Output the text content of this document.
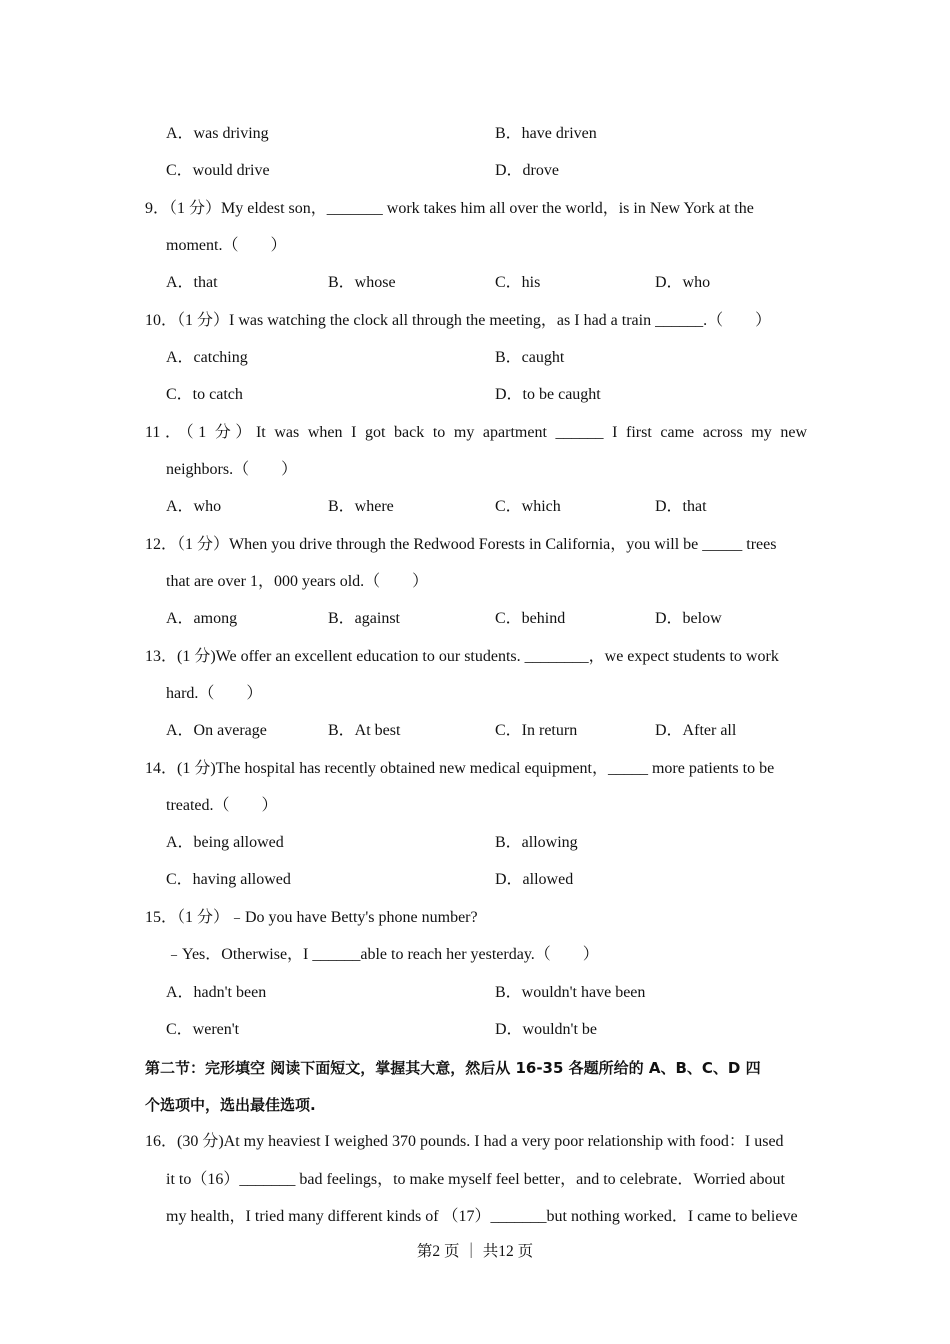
A．was driving	B．have driven
C．would drive	D．drove
9．（1 分）My eldest son，_______ work takes him all over the world，is in New York at the
moment.（　　）
A．that	B．whose	C．his	D．who
10．（1 分）I was watching the clock all through the meeting，as I had a train ______.（　　）
A．catching	B．caught
C．to catch	D．to be caught
11．（1 分）It was when I got back to my apartment ______ I first came across my new
neighbors.（　　）
A．who	B．where	C．which	D．that
12．（1 分）When you drive through the Redwood Forests in California，you will be _____ trees
that are over 1，000 years old.（　　）
A．among	B．against	C．behind	D．below
13．(1 分)We offer an excellent education to our students. ________，we expect students to work
hard.（　　）
A．On average	B．At best	C．In return	D．After all
14．(1 分)The hospital has recently obtained new medical equipment，_____ more patients to be
treated.（　　）
A．being allowed	B．allowing
C．having allowed	D．allowed
15．（1 分）﹣Do you have Betty's phone number?
﹣Yes．Otherwise，I ______able to reach her yesterday.（　　）
A．hadn't been	B．wouldn't have been
C．weren't	D．wouldn't be
第二节：完形填空 阅读下面短文，掌握其大意，然后从 16-35 各题所给的 A、B、C、D 四
个选项中，选出最佳选项.
16．(30 分)At my heaviest I weighed 370 pounds. I had a very poor relationship with food：I used
it to（16）_______ bad feelings，to make myself feel better，and to celebrate．Worried about
my health，I tried many different kinds of （17）_______but nothing worked．I came to believe
第2 页 ｜ 共12 页
